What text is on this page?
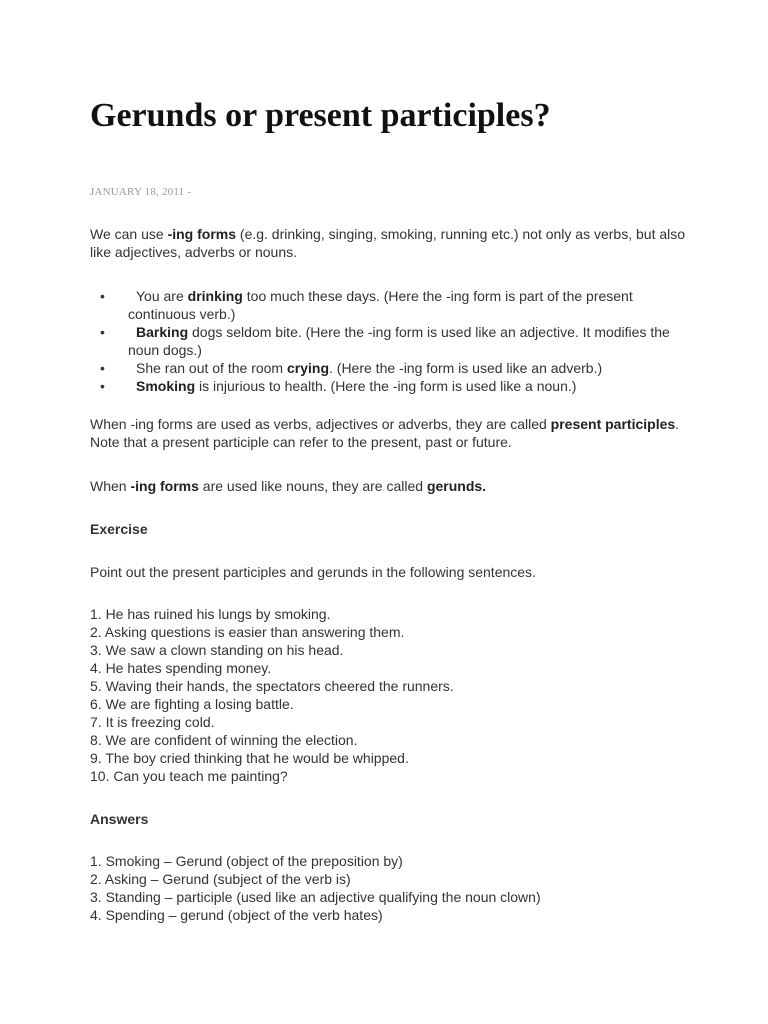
Gerunds or present participles?
JANUARY 18, 2011 -

We can use -ing forms (e.g. drinking, singing, smoking, running etc.) not only as verbs, but also like adjectives, adverbs or nouns.

• You are drinking too much these days. (Here the -ing form is part of the present continuous verb.)
• Barking dogs seldom bite. (Here the -ing form is used like an adjective. It modifies the noun dogs.)
• She ran out of the room crying. (Here the -ing form is used like an adverb.)
• Smoking is injurious to health. (Here the -ing form is used like a noun.)

When -ing forms are used as verbs, adjectives or adverbs, they are called present participles. Note that a present participle can refer to the present, past or future.

When -ing forms are used like nouns, they are called gerunds.

Exercise

Point out the present participles and gerunds in the following sentences.

1. He has ruined his lungs by smoking.
2. Asking questions is easier than answering them.
3. We saw a clown standing on his head.
4. He hates spending money.
5. Waving their hands, the spectators cheered the runners.
6. We are fighting a losing battle.
7. It is freezing cold.
8. We are confident of winning the election.
9. The boy cried thinking that he would be whipped.
10. Can you teach me painting?
Answers
1. Smoking – Gerund (object of the preposition by)
2. Asking – Gerund (subject of the verb is)
3. Standing – participle (used like an adjective qualifying the noun clown)
4. Spending – gerund (object of the verb hates)
